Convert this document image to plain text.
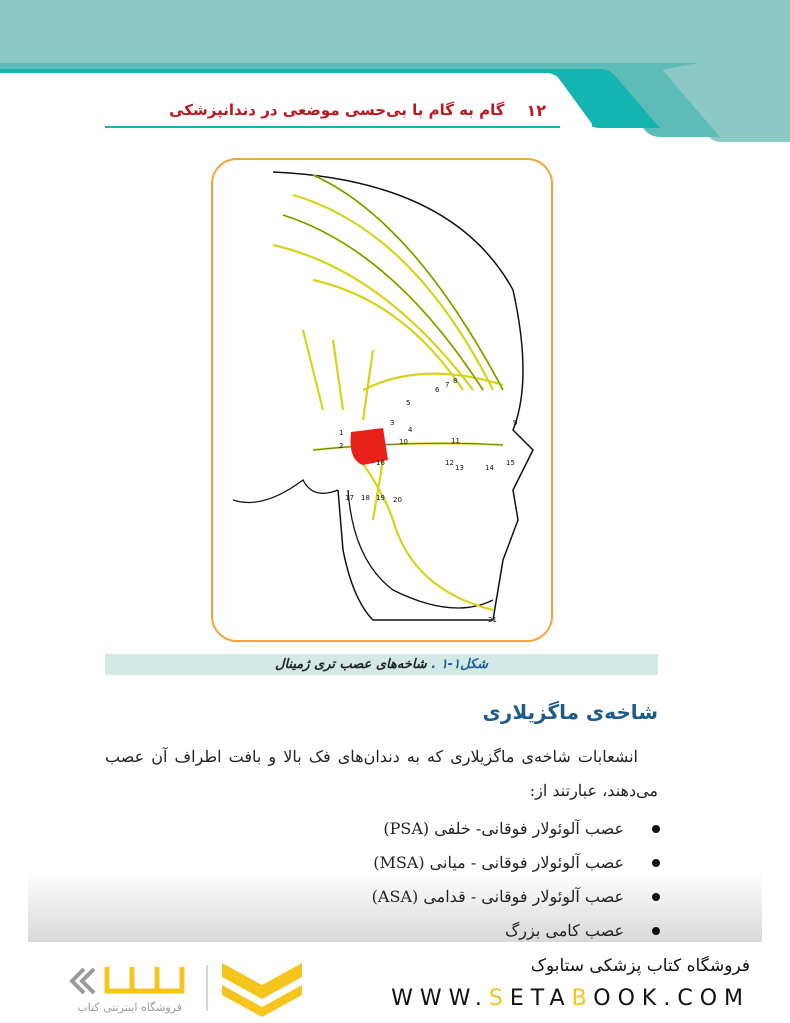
۱۲
گام به گام با بی‌حسی موضعی در دندانپزشکی
1
2
3
4
5
6
7 8
9
10	11
12
13	14
15
16
17 18 19 20
21
شکل۱-۱ . شاخه‌های عصب تری ژمینال
شاخه‌ی ماگزیلاری
انشعابات شاخه‌ی ماگزیلاری که به دندان‌های فک بالا و بافت اطراف آن عصب می‌دهند، عبارتند از:
عصب آلوئولار فوقانی- خلفی (PSA)
عصب آلوئولار فوقانی - میانی (MSA)
عصب آلوئولار فوقانی - قدامی (ASA)
عصب کامی بزرگ
فروشگاه اینترنتی کتاب
فروشگاه کتاب پزشکی ستابوک
WWW.SETABOOK.COM
